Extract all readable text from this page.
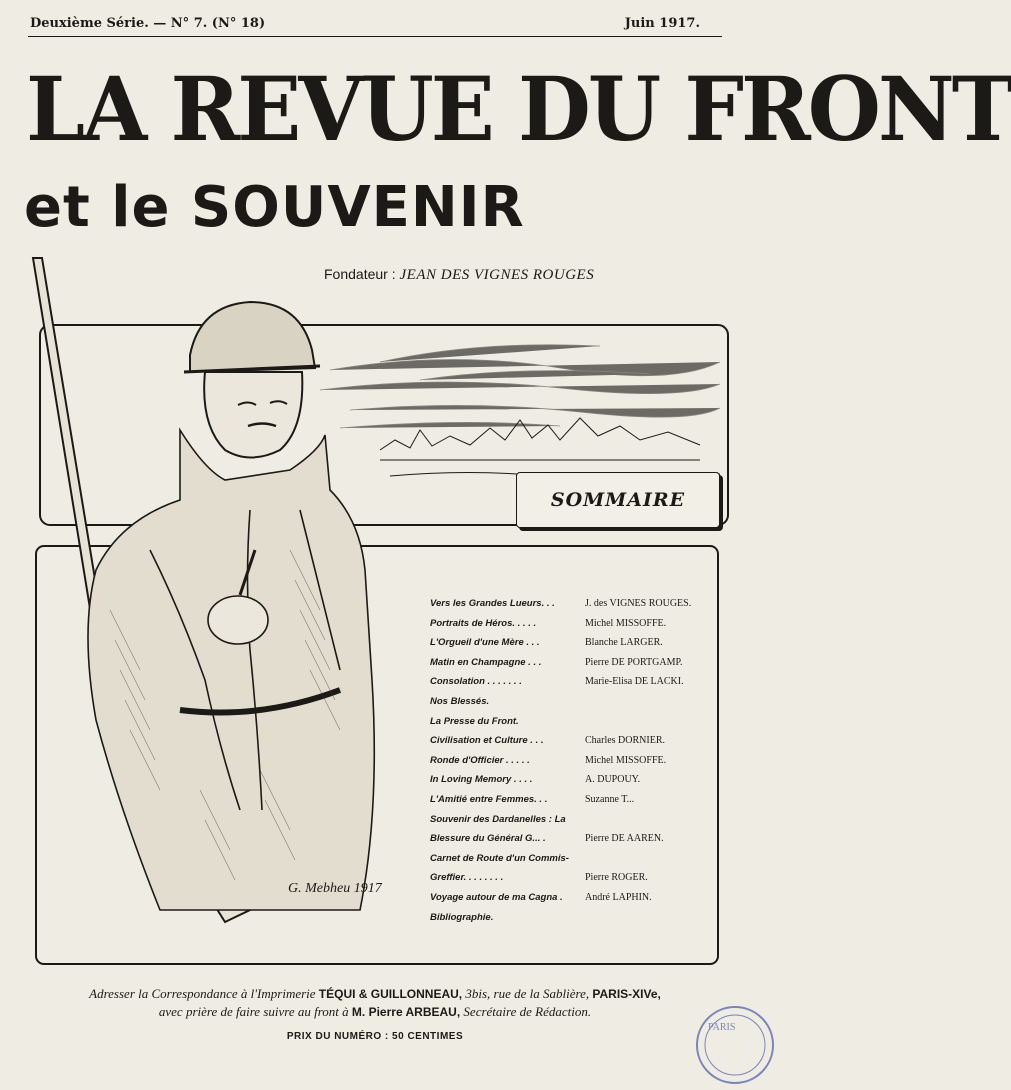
Deuxième Série. — N° 7. (N° 18)	Juin 1917.
LA REVUE DU FRONT
et le SOUVENIR
Fondateur : JEAN DES VIGNES ROUGES
G. Mebheu 1917
SOMMAIRE
Vers les Grandes Lueurs. . .	J. des VIGNES ROUGES.
Portraits de Héros. . . . .	Michel MISSOFFE.
L'Orgueil d'une Mère . . .	Blanche LARGER.
Matin en Champagne . . .	Pierre DE PORTGAMP.
Consolation . . . . . . .	Marie-Elisa DE LACKI.
Nos Blessés.
La Presse du Front.
Civilisation et Culture . . .	Charles DORNIER.
Ronde d'Officier . . . . .	Michel MISSOFFE.
In Loving Memory . . . .	A. DUPOUY.
L'Amitié entre Femmes. . .	Suzanne T...
Souvenir des Dardanelles : La
Blessure du Général G... .	Pierre DE AAREN.
Carnet de Route d'un Commis-
Greffier. . . . . . . .	Pierre ROGER.
Voyage autour de ma Cagna . André LAPHIN.
Bibliographie.
Adresser la Correspondance à l'Imprimerie TÉQUI & GUILLONNEAU, 3bis, rue de la Sablière, PARIS-XIVe,
avec prière de faire suivre au front à M. Pierre ARBEAU, Secrétaire de Rédaction.
PRIX DU NUMÉRO : 50 CENTIMES
PARIS
